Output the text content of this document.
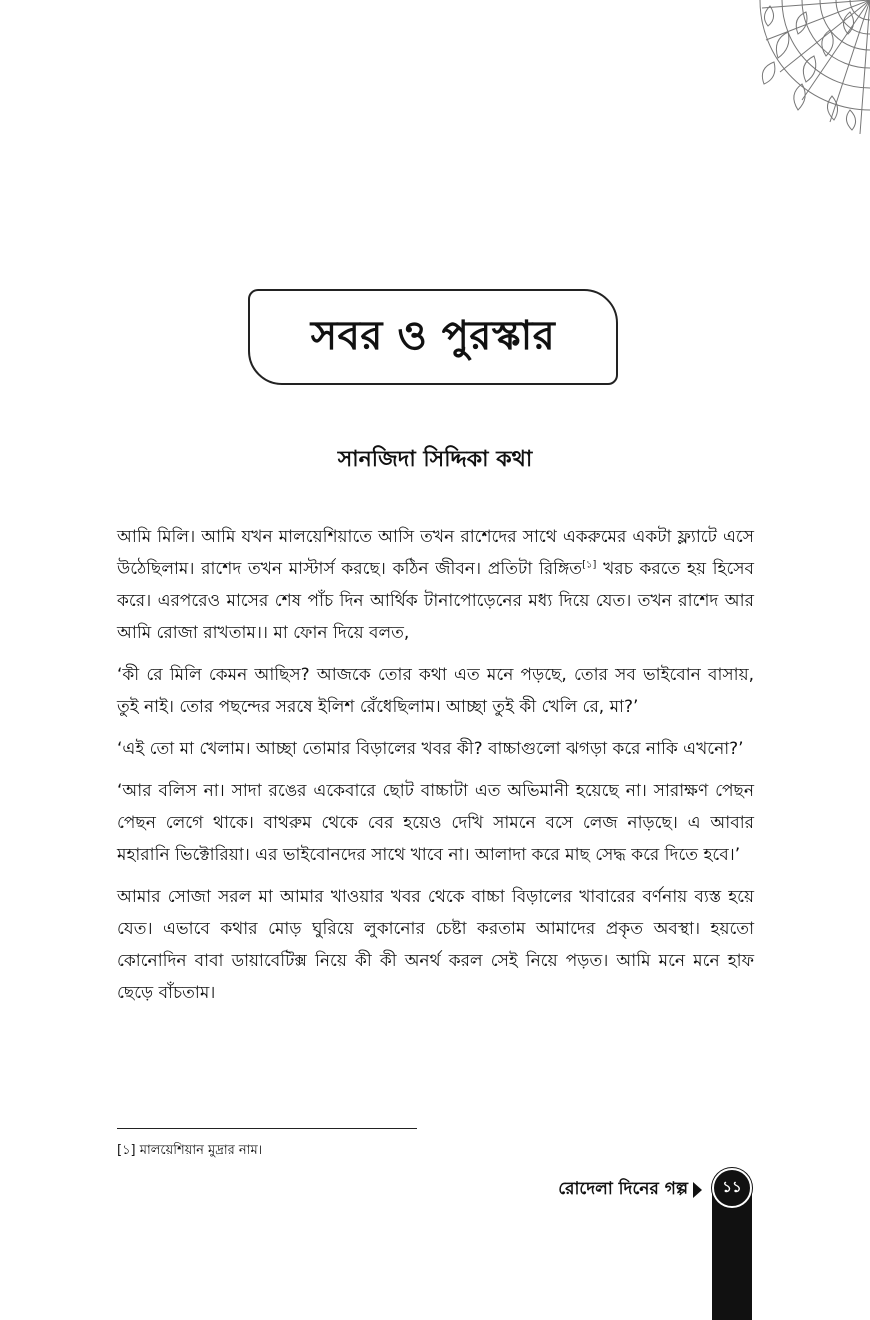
সবর ও পুরস্কার
সানজিদা সিদ্দিকা কথা

আমি মিলি। আমি যখন মালয়েশিয়াতে আসি তখন রাশেদের সাথে একরুমের একটা ফ্ল্যাটে এসে উঠেছিলাম। রাশেদ তখন মাস্টার্স করছে। কঠিন জীবন। প্রতিটা রিঙ্গিত[১] খরচ করতে হয় হিসেব করে। এরপরেও মাসের শেষ পাঁচ দিন আর্থিক টানাপোড়েনের মধ্য দিয়ে যেত। তখন রাশেদ আর আমি রোজা রাখতাম।। মা ফোন দিয়ে বলত,

‘কী রে মিলি কেমন আছিস? আজকে তোর কথা এত মনে পড়ছে, তোর সব ভাইবোন বাসায়, তুই নাই। তোর পছন্দের সরষে ইলিশ রেঁধেছিলাম। আচ্ছা তুই কী খেলি রে, মা?’

‘এই তো মা খেলাম। আচ্ছা তোমার বিড়ালের খবর কী? বাচ্চাগুলো ঝগড়া করে নাকি এখনো?’

‘আর বলিস না। সাদা রঙের একেবারে ছোট বাচ্চাটা এত অভিমানী হয়েছে না। সারাক্ষণ পেছন পেছন লেগে থাকে। বাথরুম থেকে বের হয়েও দেখি সামনে বসে লেজ নাড়ছে। এ আবার মহারানি ভিক্টোরিয়া। এর ভাইবোনদের সাথে খাবে না। আলাদা করে মাছ সেদ্ধ করে দিতে হবে।’

আমার সোজা সরল মা আমার খাওয়ার খবর থেকে বাচ্চা বিড়ালের খাবারের বর্ণনায় ব্যস্ত হয়ে যেত। এভাবে কথার মোড় ঘুরিয়ে লুকানোর চেষ্টা করতাম আমাদের প্রকৃত অবস্থা। হয়তো কোনোদিন বাবা ডায়াবেটিক্স নিয়ে কী কী অনর্থ করল সেই নিয়ে পড়ত। আমি মনে মনে হাফ ছেড়ে বাঁচতাম।

[১] মালয়েশিয়ান মুদ্রার নাম।
রোদেলা দিনের গল্প	১১
